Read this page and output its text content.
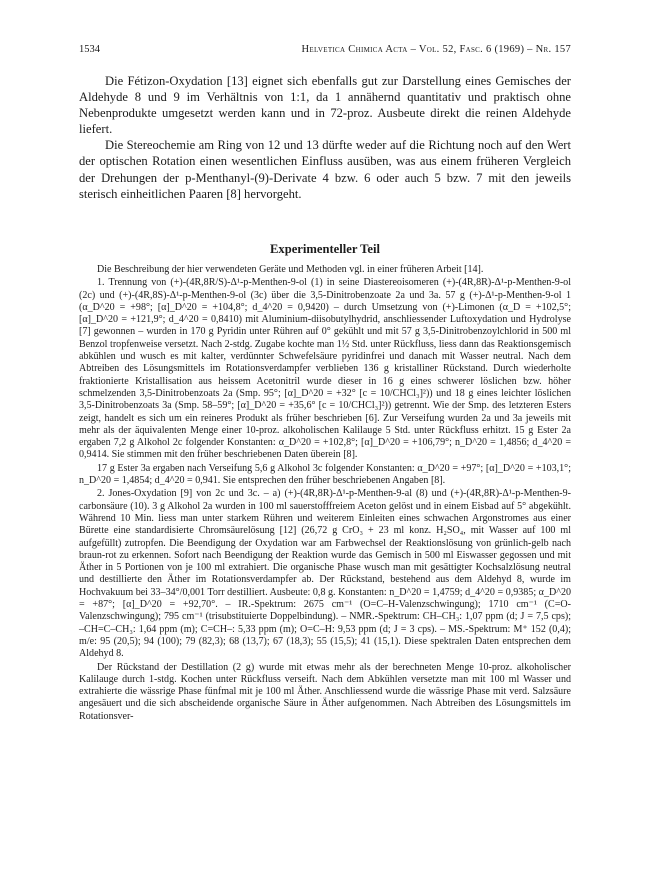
1534	Helvetica Chimica Acta – Vol. 52, Fasc. 6 (1969) – Nr. 157

Die Fétizon-Oxydation [13] eignet sich ebenfalls gut zur Darstellung eines Gemisches der Aldehyde 8 und 9 im Verhältnis von 1:1, da 1 annähernd quantitativ und praktisch ohne Nebenprodukte umgesetzt werden kann und in 72-proz. Ausbeute direkt die reinen Aldehyde liefert.

Die Stereochemie am Ring von 12 und 13 dürfte weder auf die Richtung noch auf den Wert der optischen Rotation einen wesentlichen Einfluss ausüben, was aus einem früheren Vergleich der Drehungen der p-Menthanyl-(9)-Derivate 4 bzw. 6 oder auch 5 bzw. 7 mit den jeweils sterisch einheitlichen Paaren [8] hervorgeht.

Experimenteller Teil

Die Beschreibung der hier verwendeten Geräte und Methoden vgl. in einer früheren Arbeit [14].

1. Trennung von (+)-(4R,8R/S)-Δ¹-p-Menthen-9-ol (1) in seine Diastereoisomeren (+)-(4R,8R)-Δ¹-p-Menthen-9-ol (2c) und (+)-(4R,8S)-Δ¹-p-Menthen-9-ol (3c) über die 3,5-Dinitrobenzoate 2a und 3a. 57 g (+)-Δ¹-p-Menthen-9-ol 1 (α_D^20 = +98°; [α]_D^20 = +104,8°; d_4^20 = 0,9420) – durch Umsetzung von (+)-Limonen (α_D = +102,5°; [α]_D^20 = +121,9°; d_4^20 = 0,8410) mit Aluminium-diisobutylhydrid, anschliessender Luftoxydation und Hydrolyse [7] gewonnen – wurden in 170 g Pyridin unter Rühren auf 0° gekühlt und mit 57 g 3,5-Dinitrobenzoylchlorid in 500 ml Benzol tropfenweise versetzt. Nach 2-stdg. Zugabe kochte man 1½ Std. unter Rückfluss, liess dann das Reaktionsgemisch abkühlen und wusch es mit kalter, verdünnter Schwefelsäure pyridinfrei und danach mit Wasser neutral. Nach dem Abtreiben des Lösungsmittels im Rotationsverdampfer verblieben 136 g kristalliner Rückstand. Durch wiederholte fraktionierte Kristallisation aus heissem Acetonitril wurde dieser in 16 g eines schwerer löslichen bzw. höher schmelzenden 3,5-Dinitrobenzoats 2a (Smp. 95°; [α]_D^20 = +32° [c = 10/CHCl₃]²)) und 18 g eines leichter löslichen 3,5-Dinitrobenzoats 3a (Smp. 58–59°; [α]_D^20 = +35,6° [c = 10/CHCl₃]²)) getrennt. Wie der Smp. des letzteren Esters zeigt, handelt es sich um ein reineres Produkt als früher beschrieben [6]. Zur Verseifung wurden 2a und 3a jeweils mit mehr als der äquivalenten Menge einer 10-proz. alkoholischen Kalilauge 5 Std. unter Rückfluss erhitzt. 15 g Ester 2a ergaben 7,2 g Alkohol 2c folgender Konstanten: α_D^20 = +102,8°; [α]_D^20 = +106,79°; n_D^20 = 1,4856; d_4^20 = 0,9414. Sie stimmen mit den früher beschriebenen Daten überein [8].

17 g Ester 3a ergaben nach Verseifung 5,6 g Alkohol 3c folgender Konstanten: α_D^20 = +97°; [α]_D^20 = +103,1°; n_D^20 = 1,4854; d_4^20 = 0,941. Sie entsprechen den früher beschriebenen Angaben [8].

2. Jones-Oxydation [9] von 2c und 3c. – a) (+)-(4R,8R)-Δ¹-p-Menthen-9-al (8) und (+)-(4R,8R)-Δ¹-p-Menthen-9-carbonsäure (10). 3 g Alkohol 2a wurden in 100 ml sauerstofffreiem Aceton gelöst und in einem Eisbad auf 5° abgekühlt. Während 10 Min. liess man unter starkem Rühren und weiterem Einleiten eines schwachen Argonstromes aus einer Bürette eine standardisierte Chromsäurelösung [12] (26,72 g CrO₃ + 23 ml konz. H₂SO₄, mit Wasser auf 100 ml aufgefüllt) zutropfen. Die Beendigung der Oxydation war am Farbwechsel der Reaktionslösung von grünlich-gelb nach braun-rot zu erkennen. Sofort nach Beendigung der Reaktion wurde das Gemisch in 500 ml Eiswasser gegossen und mit Äther in 5 Portionen von je 100 ml extrahiert. Die organische Phase wusch man mit gesättigter Kochsalzlösung neutral und destillierte den Äther im Rotationsverdampfer ab. Der Rückstand, bestehend aus dem Aldehyd 8, wurde im Hochvakuum bei 33–34°/0,001 Torr destilliert. Ausbeute: 0,8 g. Konstanten: n_D^20 = 1,4759; d_4^20 = 0,9385; α_D^20 = +87°; [α]_D^20 = +92,70°. – IR.-Spektrum: 2675 cm⁻¹ (O=C–H-Valenzschwingung); 1710 cm⁻¹ (C=O-Valenzschwingung); 795 cm⁻¹ (trisubstituierte Doppelbindung). – NMR.-Spektrum: CH–CH₃: 1,07 ppm (d; J = 7,5 cps); –CH=C–CH₃: 1,64 ppm (m); C=CH–: 5,33 ppm (m); O=C–H: 9,53 ppm (d; J = 3 cps). – MS.-Spektrum: M⁺ 152 (0,4); m/e: 95 (20,5); 94 (100); 79 (82,3); 68 (13,7); 67 (18,3); 55 (15,5); 41 (15,1). Diese spektralen Daten entsprechen dem Aldehyd 8.

Der Rückstand der Destillation (2 g) wurde mit etwas mehr als der berechneten Menge 10-proz. alkoholischer Kalilauge durch 1-stdg. Kochen unter Rückfluss verseift. Nach dem Abkühlen versetzte man mit 100 ml Wasser und extrahierte die wässrige Phase fünfmal mit je 100 ml Äther. Anschliessend wurde die wässrige Phase mit verd. Salzsäure angesäuert und die sich abscheidende organische Säure in Äther aufgenommen. Nach Abtreiben des Lösungsmittels im Rotationsver-
